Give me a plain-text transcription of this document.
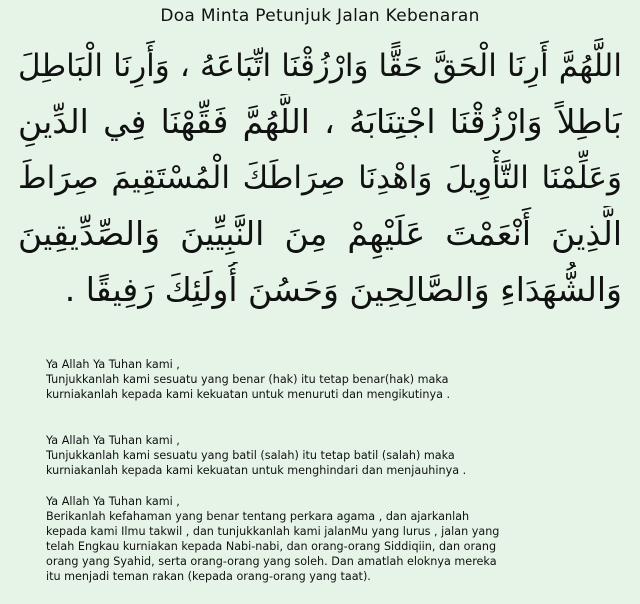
Doa Minta Petunjuk Jalan Kebenaran
اللَّهُمَّ أَرِنَا الْحَقَّ حَقًّا وَارْزُقْنَا اتِّبَاعَهُ ، وَأَرِنَا الْبَاطِلَ
بَاطِلاً وَارْزُقْنَا اجْتِنَابَهُ ، اللَّهُمَّ فَقِّهْنَا فِي الدِّينِ
وَعَلِّمْنَا التَّأْوِيلَ وَاهْدِنَا صِرَاطَكَ الْمُسْتَقِيمَ صِرَاطَ
الَّذِينَ أَنْعَمْتَ عَلَيْهِمْ مِنَ النَّبِيِّينَ وَالصِّدِّيقِينَ
وَالشُّهَدَاءِ وَالصَّالِحِينَ وَحَسُنَ أُولَئِكَ رَفِيقًا .
Ya Allah Ya Tuhan kami ,
Tunjukkanlah kami sesuatu yang benar (hak) itu tetap benar(hak) maka
kurniakanlah kepada kami kekuatan untuk menuruti dan mengikutinya .
Ya Allah Ya Tuhan kami ,
Tunjukkanlah kami sesuatu yang batil (salah) itu tetap batil (salah) maka
kurniakanlah kepada kami kekuatan untuk menghindari dan menjauhinya .
Ya Allah Ya Tuhan kami ,
Berikanlah kefahaman yang benar tentang perkara agama , dan ajarkanlah
kepada kami Ilmu takwil , dan tunjukkanlah kami jalanMu yang lurus , jalan yang
telah Engkau kurniakan kepada Nabi-nabi, dan orang-orang Siddiqiin, dan orang
orang yang Syahid, serta orang-orang yang soleh. Dan amatlah eloknya mereka
itu menjadi teman rakan (kepada orang-orang yang taat).
